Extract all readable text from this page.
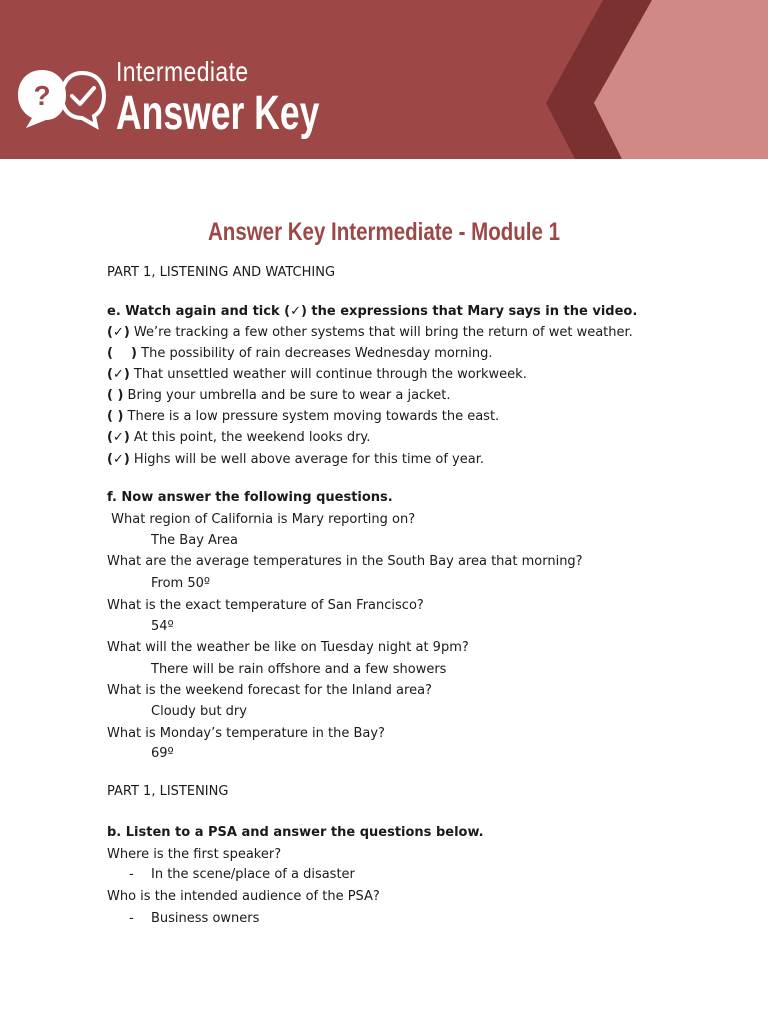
?
Intermediate
Answer Key
Answer Key Intermediate - Module 1
PART 1, LISTENING AND WATCHING
e. Watch again and tick (✓) the expressions that Mary says in the video.
(✓) We’re tracking a few other systems that will bring the return of wet weather.
(    ) The possibility of rain decreases Wednesday morning.
(✓) That unsettled weather will continue through the workweek.
( ) Bring your umbrella and be sure to wear a jacket.
( ) There is a low pressure system moving towards the east.
(✓) At this point, the weekend looks dry.
(✓) Highs will be well above average for this time of year.
f. Now answer the following questions.
What region of California is Mary reporting on?
The Bay Area
What are the average temperatures in the South Bay area that morning?
From 50º
What is the exact temperature of San Francisco?
54º
What will the weather be like on Tuesday night at 9pm?
There will be rain offshore and a few showers
What is the weekend forecast for the Inland area?
Cloudy but dry
What is Monday’s temperature in the Bay?
69º
PART 1, LISTENING
b. Listen to a PSA and answer the questions below.
Where is the first speaker?
- In the scene/place of a disaster
Who is the intended audience of the PSA?
- Business owners
